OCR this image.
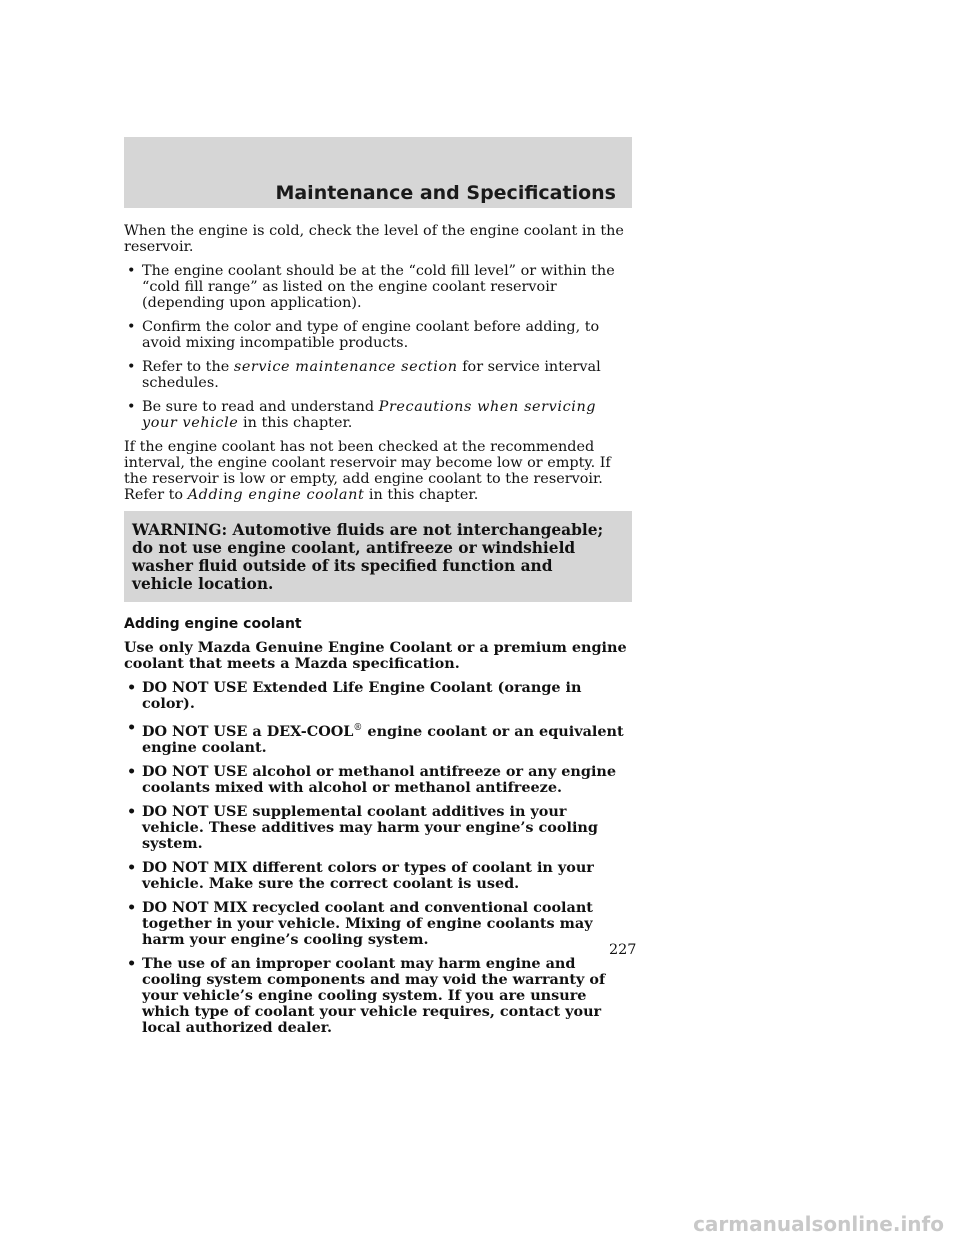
Maintenance and Specifications

When the engine is cold, check the level of the engine coolant in the reservoir.

• The engine coolant should be at the “cold fill level” or within the “cold fill range” as listed on the engine coolant reservoir (depending upon application).
• Confirm the color and type of engine coolant before adding, to avoid mixing incompatible products.
• Refer to the service maintenance section for service interval schedules.
• Be sure to read and understand Precautions when servicing your vehicle in this chapter.

If the engine coolant has not been checked at the recommended interval, the engine coolant reservoir may become low or empty. If the reservoir is low or empty, add engine coolant to the reservoir. Refer to Adding engine coolant in this chapter.

WARNING: Automotive fluids are not interchangeable; do not use engine coolant, antifreeze or windshield washer fluid outside of its specified function and vehicle location.
Adding engine coolant

Use only Mazda Genuine Engine Coolant or a premium engine coolant that meets a Mazda specification.

• DO NOT USE Extended Life Engine Coolant (orange in color).
• DO NOT USE a DEX-COOL® engine coolant or an equivalent engine coolant.
• DO NOT USE alcohol or methanol antifreeze or any engine coolants mixed with alcohol or methanol antifreeze.
• DO NOT USE supplemental coolant additives in your vehicle. These additives may harm your engine’s cooling system.
• DO NOT MIX different colors or types of coolant in your vehicle. Make sure the correct coolant is used.
• DO NOT MIX recycled coolant and conventional coolant together in your vehicle. Mixing of engine coolants may harm your engine’s cooling system.
• The use of an improper coolant may harm engine and cooling system components and may void the warranty of your vehicle’s engine cooling system. If you are unsure which type of coolant your vehicle requires, contact your local authorized dealer.
227
carmanualsonline.info
